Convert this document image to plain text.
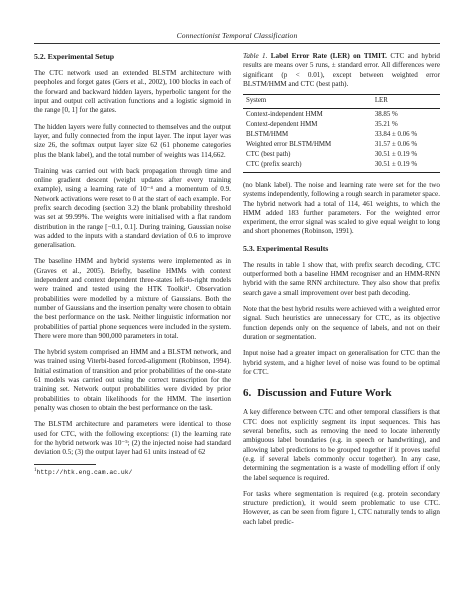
Connectionist Temporal Classification
5.2. Experimental Setup

The CTC network used an extended BLSTM architecture with peepholes and forget gates (Gers et al., 2002), 100 blocks in each of the forward and backward hidden layers, hyperbolic tangent for the input and output cell activation functions and a logistic sigmoid in the range [0, 1] for the gates.

The hidden layers were fully connected to themselves and the output layer, and fully connected from the input layer. The input layer was size 26, the softmax output layer size 62 (61 phoneme categories plus the blank label), and the total number of weights was 114,662.

Training was carried out with back propagation through time and online gradient descent (weight updates after every training example), using a learning rate of 10⁻⁴ and a momentum of 0.9. Network activations were reset to 0 at the start of each example. For prefix search decoding (section 3.2) the blank probability threshold was set at 99.99%. The weights were initialised with a flat random distribution in the range [−0.1, 0.1]. During training, Gaussian noise was added to the inputs with a standard deviation of 0.6 to improve generalisation.

The baseline HMM and hybrid systems were implemented as in (Graves et al., 2005). Briefly, baseline HMMs with context independent and context dependent three-states left-to-right models were trained and tested using the HTK Toolkit¹. Observation probabilities were modelled by a mixture of Gaussians. Both the number of Gaussians and the insertion penalty were chosen to obtain the best performance on the task. Neither linguistic information nor probabilities of partial phone sequences were included in the system. There were more than 900,000 parameters in total.

The hybrid system comprised an HMM and a BLSTM network, and was trained using Viterbi-based forced-alignment (Robinson, 1994). Initial estimation of transition and prior probabilities of the one-state 61 models was carried out using the correct transcription for the training set. Network output probabilities were divided by prior probabilities to obtain likelihoods for the HMM. The insertion penalty was chosen to obtain the best performance on the task.

The BLSTM architecture and parameters were identical to those used for CTC, with the following exceptions: (1) the learning rate for the hybrid network was 10⁻⁵; (2) the injected noise had standard deviation 0.5; (3) the output layer had 61 units instead of 62

$^1$http://htk.eng.cam.ac.uk/

Table 1. Label Error Rate (LER) on TIMIT. CTC and hybrid results are means over 5 runs, ± standard error. All differences were significant (p < 0.01), except between weighted error BLSTM/HMM and CTC (best path).

System	LER
Context-independent HMM	38.85 %
Context-dependent HMM	35.21 %
BLSTM/HMM	33.84 ± 0.06 %
Weighted error BLSTM/HMM	31.57 ± 0.06 %
CTC (best path)	30.51 ± 0.19 %
CTC (prefix search)	30.51 ± 0.19 %

(no blank label). The noise and learning rate were set for the two systems independently, following a rough search in parameter space. The hybrid network had a total of 114, 461 weights, to which the HMM added 183 further parameters. For the weighted error experiment, the error signal was scaled to give equal weight to long and short phonemes (Robinson, 1991).

5.3. Experimental Results

The results in table 1 show that, with prefix search decoding, CTC outperformed both a baseline HMM recogniser and an HMM-RNN hybrid with the same RNN architecture. They also show that prefix search gave a small improvement over best path decoding.

Note that the best hybrid results were achieved with a weighted error signal. Such heuristics are unnecessary for CTC, as its objective function depends only on the sequence of labels, and not on their duration or segmentation.

Input noise had a greater impact on generalisation for CTC than the hybrid system, and a higher level of noise was found to be optimal for CTC.

6. Discussion and Future Work

A key difference between CTC and other temporal classifiers is that CTC does not explicitly segment its input sequences. This has several benefits, such as removing the need to locate inherently ambiguous label boundaries (e.g. in speech or handwriting), and allowing label predictions to be grouped together if it proves useful (e.g. if several labels commonly occur together). In any case, determining the segmentation is a waste of modelling effort if only the label sequence is required.

For tasks where segmentation is required (e.g. protein secondary structure prediction), it would seem problematic to use CTC. However, as can be seen from figure 1, CTC naturally tends to align each label predic-
